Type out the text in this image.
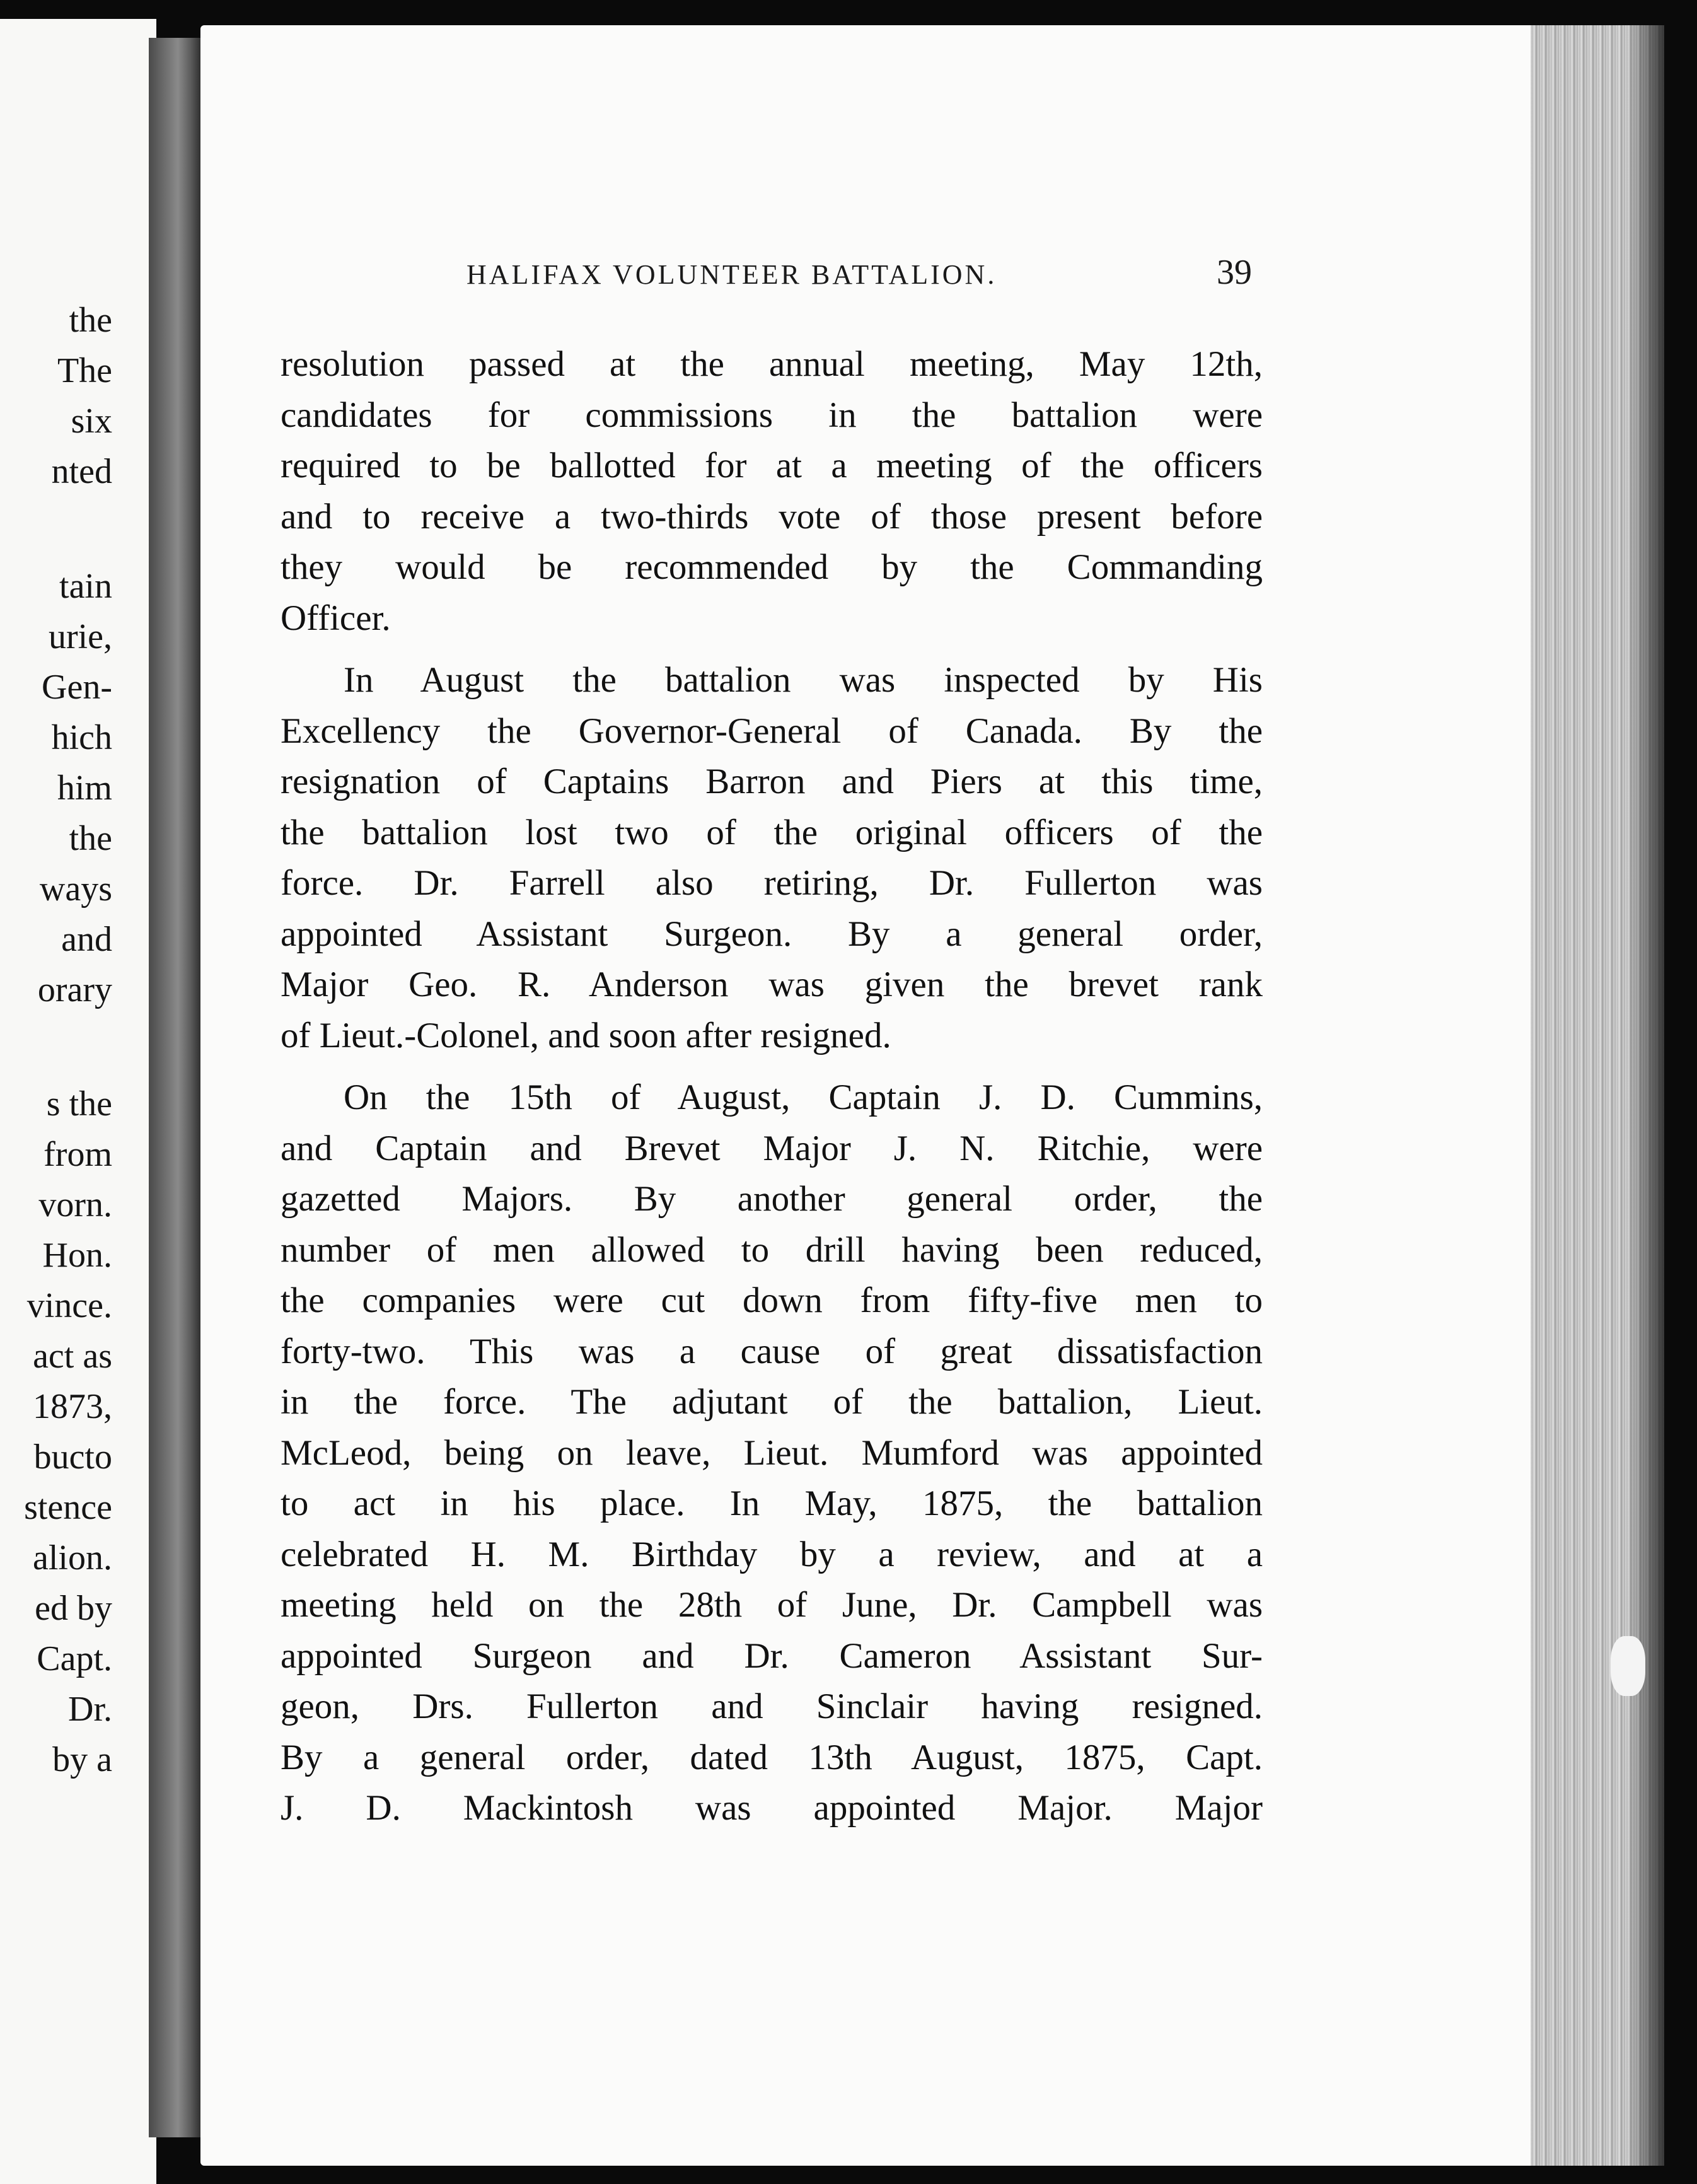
the
The
six
nted
tain
urie,
Gen-
hich
him
the
ways
and
orary
s the
from
vorn.
Hon.
vince.
act as
1873,
bucto
stence
alion.
ed by
Capt.
Dr.
by a
HALIFAX VOLUNTEER BATTALION.	39
resolution passed at the annual meeting, May 12th,
candidates for commissions in the battalion were
required to be ballotted for at a meeting of the officers
and to receive a two-thirds vote of those present before
they would be recommended by the Commanding
Officer.
In August the battalion was inspected by His
Excellency the Governor-General of Canada. By the
resignation of Captains Barron and Piers at this time,
the battalion lost two of the original officers of the
force. Dr. Farrell also retiring, Dr. Fullerton was
appointed Assistant Surgeon. By a general order,
Major Geo. R. Anderson was given the brevet rank
of Lieut.-Colonel, and soon after resigned.
On the 15th of August, Captain J. D. Cummins,
and Captain and Brevet Major J. N. Ritchie, were
gazetted Majors. By another general order, the
number of men allowed to drill having been reduced,
the companies were cut down from fifty-five men to
forty-two. This was a cause of great dissatisfaction
in the force. The adjutant of the battalion, Lieut.
McLeod, being on leave, Lieut. Mumford was appointed
to act in his place. In May, 1875, the battalion
celebrated H. M. Birthday by a review, and at a
meeting held on the 28th of June, Dr. Campbell was
appointed Surgeon and Dr. Cameron Assistant Sur-
geon, Drs. Fullerton and Sinclair having resigned.
By a general order, dated 13th August, 1875, Capt.
J. D. Mackintosh was appointed Major. Major
